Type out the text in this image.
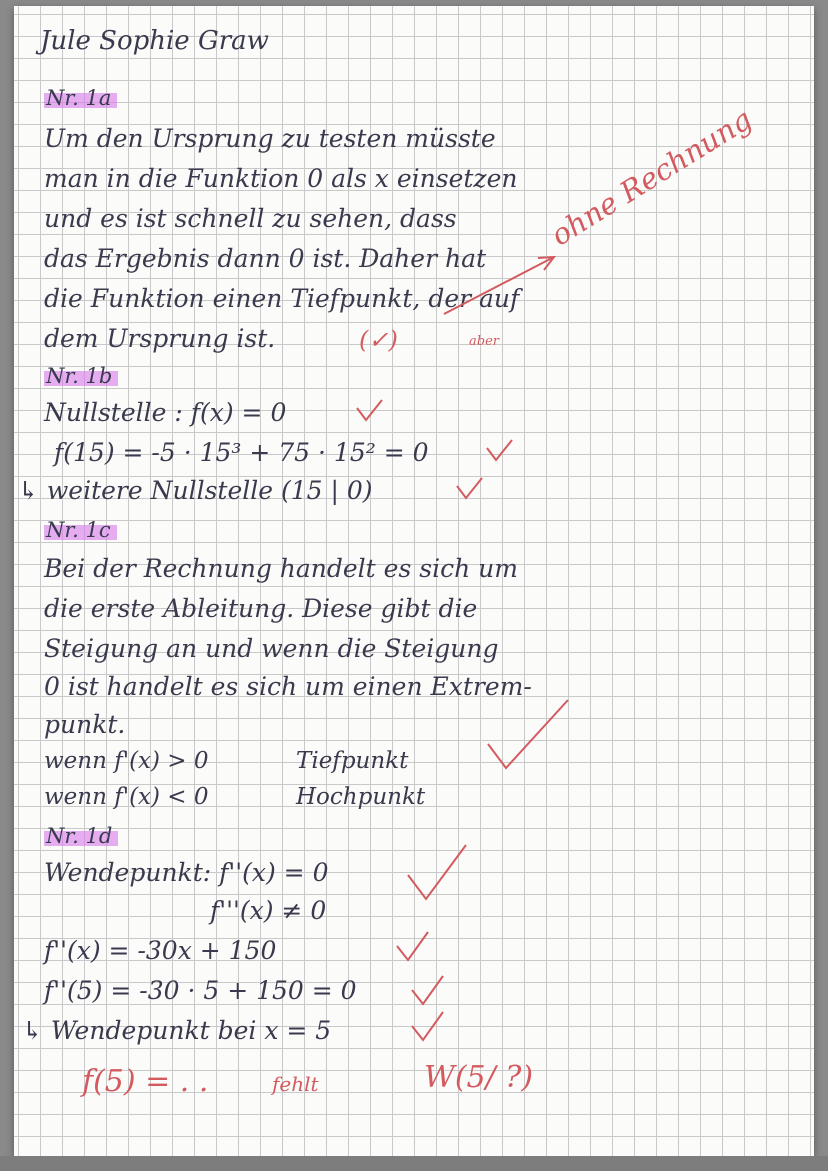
Jule Sophie Graw
Nr. 1a
Um den Ursprung zu testen müsste
man in die Funktion 0 als x einsetzen
und es ist schnell zu sehen, dass
das Ergebnis dann 0 ist. Daher hat
die Funktion einen Tiefpunkt, der auf
dem Ursprung ist.	(✓)	aber
ohne Rechnung
Nr. 1b
Nullstelle : f(x) = 0
f(15) = -5 · 15³ + 75 · 15² = 0
↳ weitere Nullstelle (15 | 0)
Nr. 1c
Bei der Rechnung handelt es sich um
die erste Ableitung. Diese gibt die
Steigung an und wenn die Steigung
0 ist handelt es sich um einen Extrem-
punkt.
wenn f'(x) > 0	Tiefpunkt
wenn f'(x) < 0	Hochpunkt
Nr. 1d
Wendepunkt: f''(x) = 0
f'''(x) ≠ 0
f''(x) = -30x + 150
f''(5) = -30 · 5 + 150 = 0
↳ Wendepunkt bei x = 5
f(5) = . .	fehlt	W(5/ ?)
